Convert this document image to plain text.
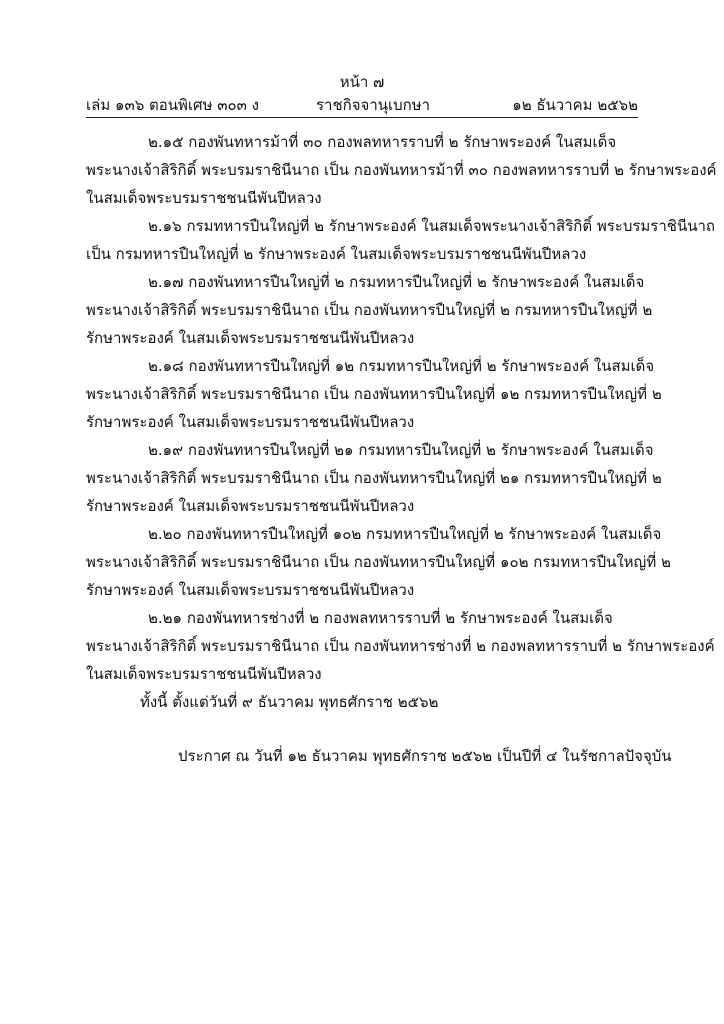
หน้า ๗
เล่ม ๑๓๖ ตอนพิเศษ ๓๐๓ ง	ราชกิจจานุเบกษา	๑๒ ธันวาคม ๒๕๖๒
๒.๑๕ กองพันทหารม้าที่ ๓๐ กองพลทหารราบที่ ๒ รักษาพระองค์ ในสมเด็จ
พระนางเจ้าสิริกิติ์ พระบรมราชินีนาถ เป็น กองพันทหารม้าที่ ๓๐ กองพลทหารราบที่ ๒ รักษาพระองค์
ในสมเด็จพระบรมราชชนนีพันปีหลวง
๒.๑๖ กรมทหารปืนใหญ่ที่ ๒ รักษาพระองค์ ในสมเด็จพระนางเจ้าสิริกิติ์ พระบรมราชินีนาถ
เป็น กรมทหารปืนใหญ่ที่ ๒ รักษาพระองค์ ในสมเด็จพระบรมราชชนนีพันปีหลวง
๒.๑๗ กองพันทหารปืนใหญ่ที่ ๒ กรมทหารปืนใหญ่ที่ ๒ รักษาพระองค์ ในสมเด็จ
พระนางเจ้าสิริกิติ์ พระบรมราชินีนาถ เป็น กองพันทหารปืนใหญ่ที่ ๒ กรมทหารปืนใหญ่ที่ ๒
รักษาพระองค์ ในสมเด็จพระบรมราชชนนีพันปีหลวง
๒.๑๘ กองพันทหารปืนใหญ่ที่ ๑๒ กรมทหารปืนใหญ่ที่ ๒ รักษาพระองค์ ในสมเด็จ
พระนางเจ้าสิริกิติ์ พระบรมราชินีนาถ เป็น กองพันทหารปืนใหญ่ที่ ๑๒ กรมทหารปืนใหญ่ที่ ๒
รักษาพระองค์ ในสมเด็จพระบรมราชชนนีพันปีหลวง
๒.๑๙ กองพันทหารปืนใหญ่ที่ ๒๑ กรมทหารปืนใหญ่ที่ ๒ รักษาพระองค์ ในสมเด็จ
พระนางเจ้าสิริกิติ์ พระบรมราชินีนาถ เป็น กองพันทหารปืนใหญ่ที่ ๒๑ กรมทหารปืนใหญ่ที่ ๒
รักษาพระองค์ ในสมเด็จพระบรมราชชนนีพันปีหลวง
๒.๒๐ กองพันทหารปืนใหญ่ที่ ๑๐๒ กรมทหารปืนใหญ่ที่ ๒ รักษาพระองค์ ในสมเด็จ
พระนางเจ้าสิริกิติ์ พระบรมราชินีนาถ เป็น กองพันทหารปืนใหญ่ที่ ๑๐๒ กรมทหารปืนใหญ่ที่ ๒
รักษาพระองค์ ในสมเด็จพระบรมราชชนนีพันปีหลวง
๒.๒๑ กองพันทหารช่างที่ ๒ กองพลทหารราบที่ ๒ รักษาพระองค์ ในสมเด็จ
พระนางเจ้าสิริกิติ์ พระบรมราชินีนาถ เป็น กองพันทหารช่างที่ ๒ กองพลทหารราบที่ ๒ รักษาพระองค์
ในสมเด็จพระบรมราชชนนีพันปีหลวง
ทั้งนี้ ตั้งแต่วันที่ ๙ ธันวาคม พุทธศักราช ๒๕๖๒
ประกาศ ณ วันที่ ๑๒ ธันวาคม พุทธศักราช ๒๕๖๒ เป็นปีที่ ๔ ในรัชกาลปัจจุบัน
